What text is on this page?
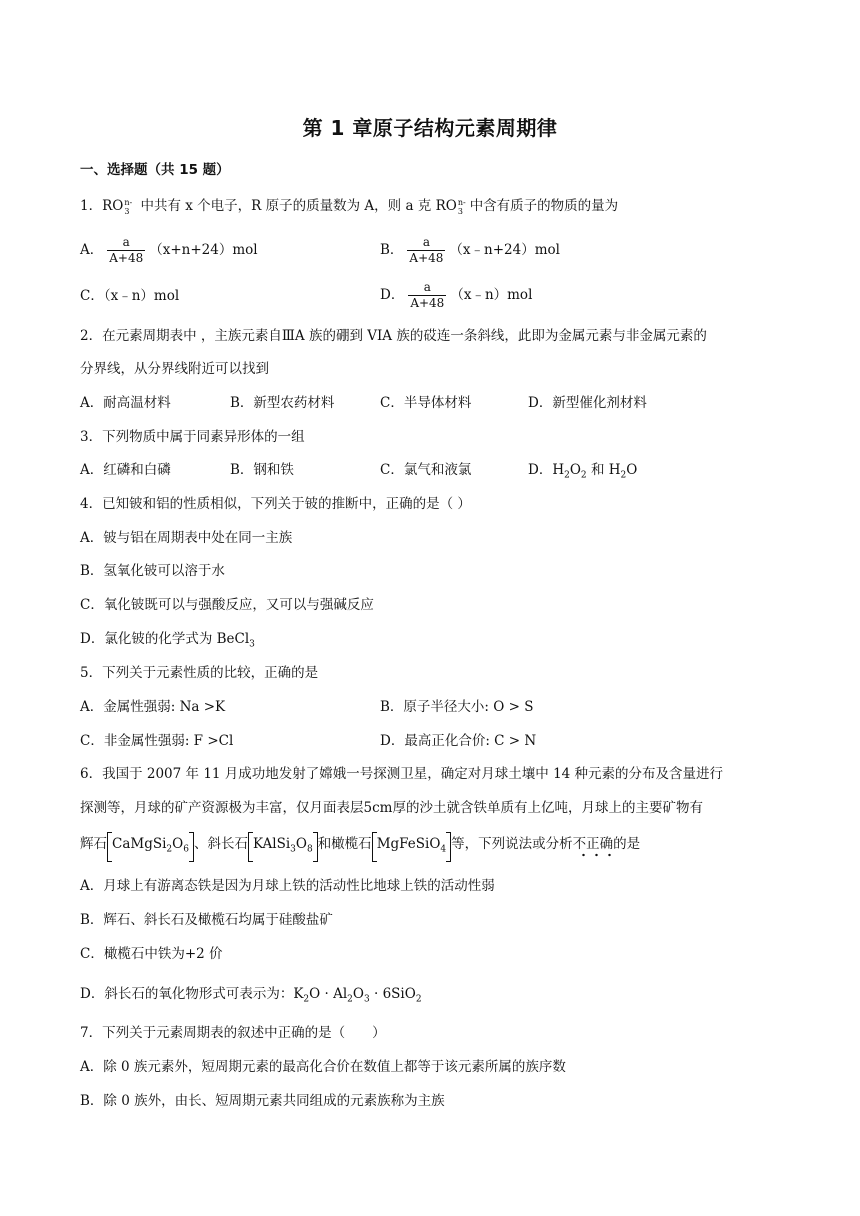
第 1 章原子结构元素周期律
一、选择题（共 15 题）
1．RO n-
3 中共有 x 个电子，R 原子的质量数为 A，则 a 克 RO n-
3 中含有质子的物质的量为
A． $\frac{a}{A+48} (x+n+24)mol$	B． $\frac{a}{A+48}$ （x﹣n+24）mol
C．（x﹣n）mol	D． $\frac{a}{A+48}$ （x﹣n）mol
2．在元素周期表中 ，主族元素自ⅢA 族的硼到 VIA 族的砹连一条斜线，此即为金属元素与非金属元素的
分界线，从分界线附近可以找到
A．耐高温材料	B．新型农药材料	C．半导体材料	D．新型催化剂材料
3．下列物质中属于同素异形体的一组
A．红磷和白磷	B．钢和铁	C．氯气和液氯	D．$H_2O_2$ 和 $H_2O$
4．已知铍和铝的性质相似，下列关于铍的推断中，正确的是（ ）
A．铍与铝在周期表中处在同一主族
B．氢氧化铍可以溶于水
C．氧化铍既可以与强酸反应，又可以与强碱反应
D．氯化铍的化学式为 BeCl$_3$
5．下列关于元素性质的比较，正确的是
A．金属性强弱: Na >K	B．原子半径大小: O > S
C．非金属性强弱: F >Cl	D．最高正化合价: C > N
6．我国于 2007 年 11 月成功地发射了嫦娥一号探测卫星，确定对月球土壤中 14 种元素的分布及含量进行
探测等，月球的矿产资源极为丰富，仅月面表层5cm厚的沙土就含铁单质有上亿吨，月球上的主要矿物有
辉石 $CaMgSi_2O_6$ 、斜长石 $KAlSi_3O_8$ 和橄榄石 MgFeSiO$_4$ 等，下列说法或分析不正确的是
A．月球上有游离态铁是因为月球上铁的活动性比地球上铁的活动性弱
B．辉石、斜长石及橄榄石均属于硅酸盐矿
C．橄榄石中铁为+2 价
D．斜长石的氧化物形式可表示为：$K_2O \cdot Al_2O_3 \cdot 6SiO_2$
7．下列关于元素周期表的叙述中正确的是（　　）
A．除 0 族元素外，短周期元素的最高化合价在数值上都等于该元素所属的族序数
B．除 0 族外，由长、短周期元素共同组成的元素族称为主族
